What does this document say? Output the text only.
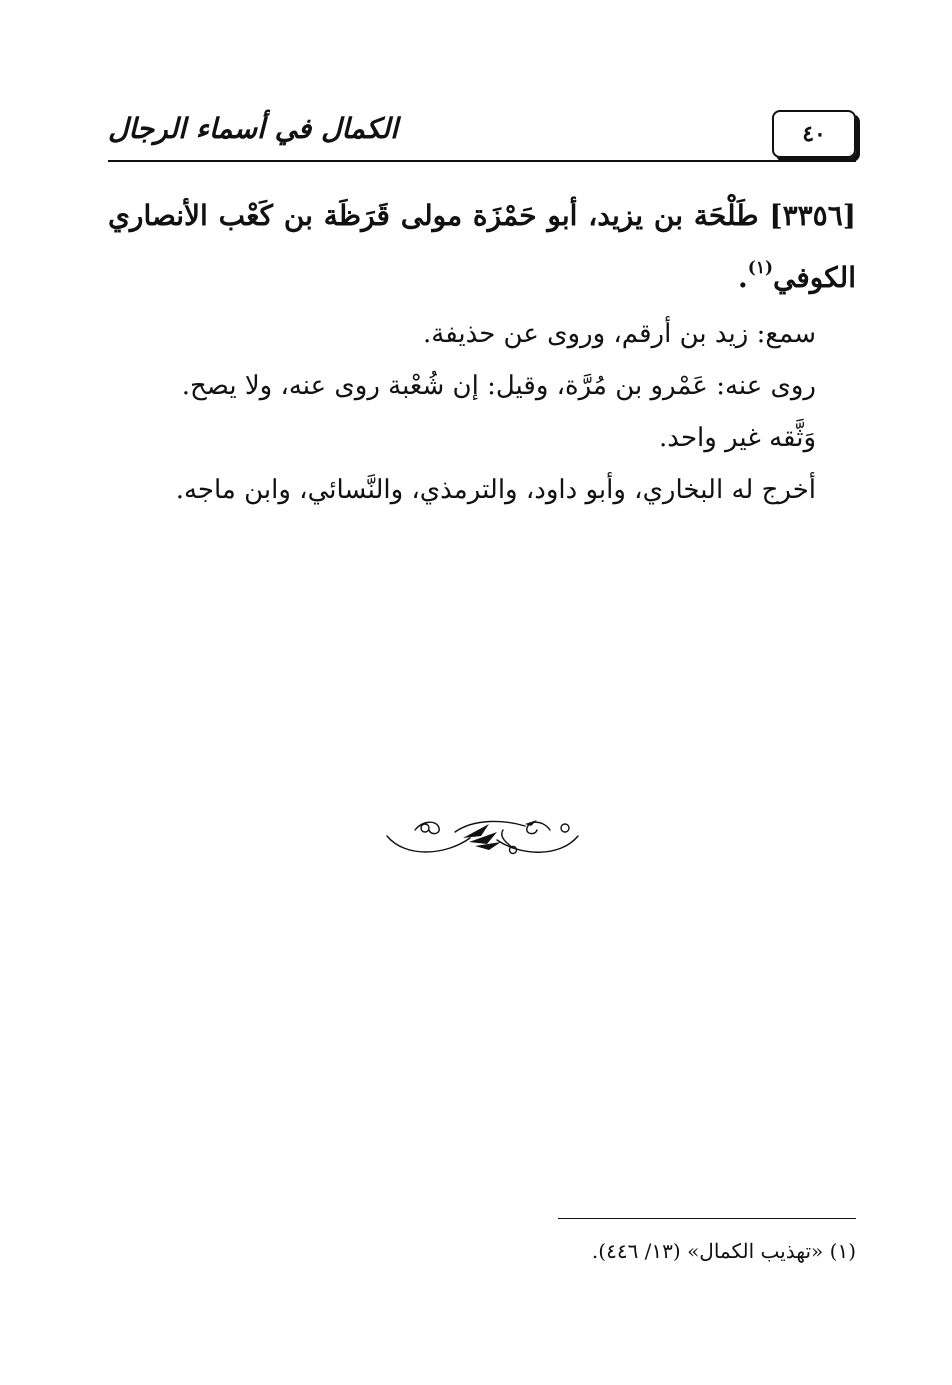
٤٠
الكمال في أسماء الرجال
[٣٣٥٦] طَلْحَة بن يزيد، أبو حَمْزَة مولى قَرَظَة بن كَعْب الأنصاري الكوفي$^{(١)}$.

سمع: زيد بن أرقم، وروى عن حذيفة.

روى عنه: عَمْرو بن مُرَّة، وقيل: إن شُعْبة روى عنه، ولا يصح.

وَثَّقه غير واحد.

أخرج له البخاري، وأبو داود، والترمذي، والنَّسائي، وابن ماجه.

(١) «تهذيب الكمال» (١٣/ ٤٤٦).
